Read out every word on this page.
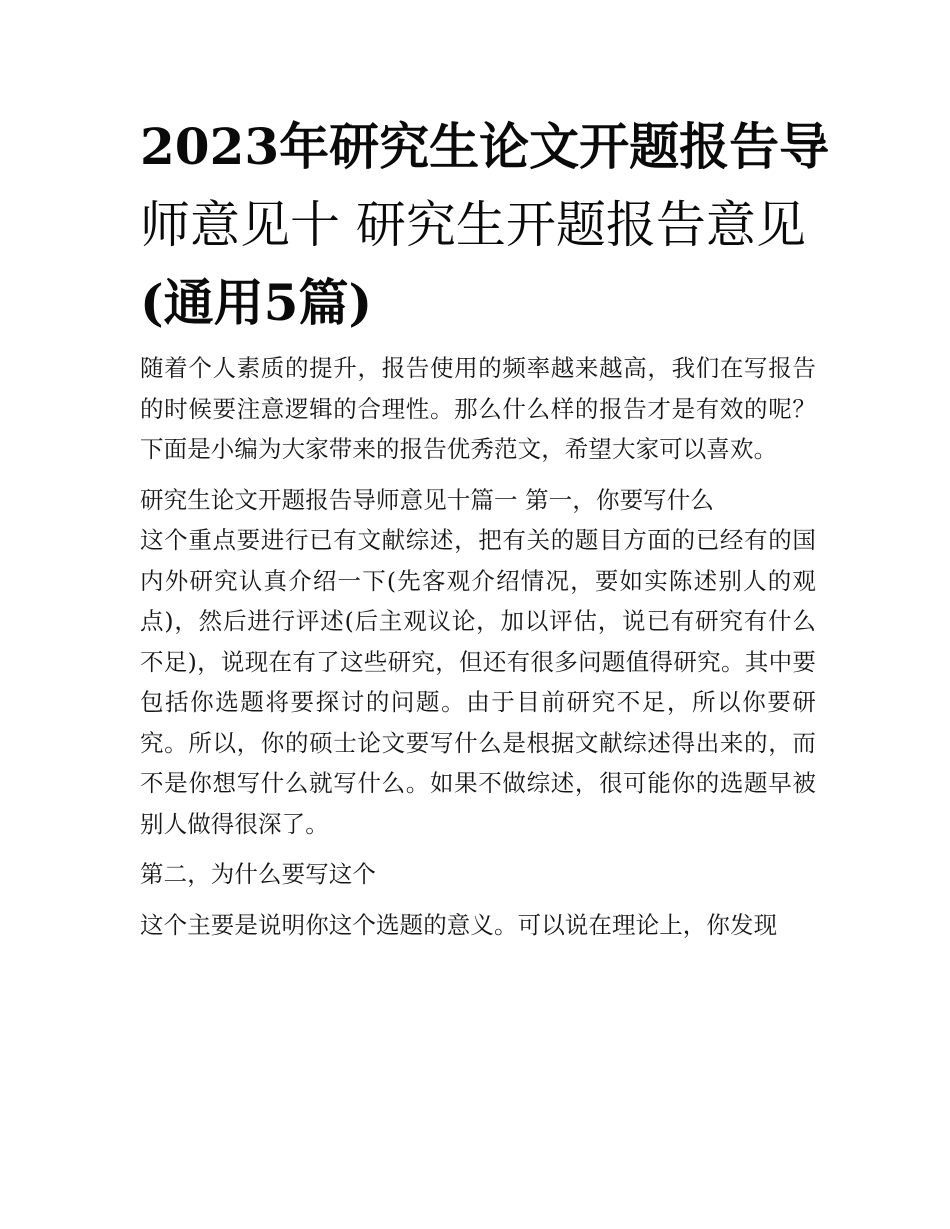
2023年研究生论文开题报告导
师意见十 研究生开题报告意见
(通用5篇)

随着个人素质的提升，报告使用的频率越来越高，我们在写报告的时候要注意逻辑的合理性。那么什么样的报告才是有效的呢？下面是小编为大家带来的报告优秀范文，希望大家可以喜欢。

研究生论文开题报告导师意见十篇一 第一，你要写什么

这个重点要进行已有文献综述，把有关的题目方面的已经有的国内外研究认真介绍一下(先客观介绍情况，要如实陈述别人的观点)，然后进行评述(后主观议论，加以评估，说已有研究有什么不足)，说现在有了这些研究，但还有很多问题值得研究。其中要包括你选题将要探讨的问题。由于目前研究不足，所以你要研究。所以，你的硕士论文要写什么是根据文献综述得出来的，而不是你想写什么就写什么。如果不做综述，很可能你的选题早被别人做得很深了。

第二，为什么要写这个

这个主要是说明你这个选题的意义。可以说在理论上，你发现
